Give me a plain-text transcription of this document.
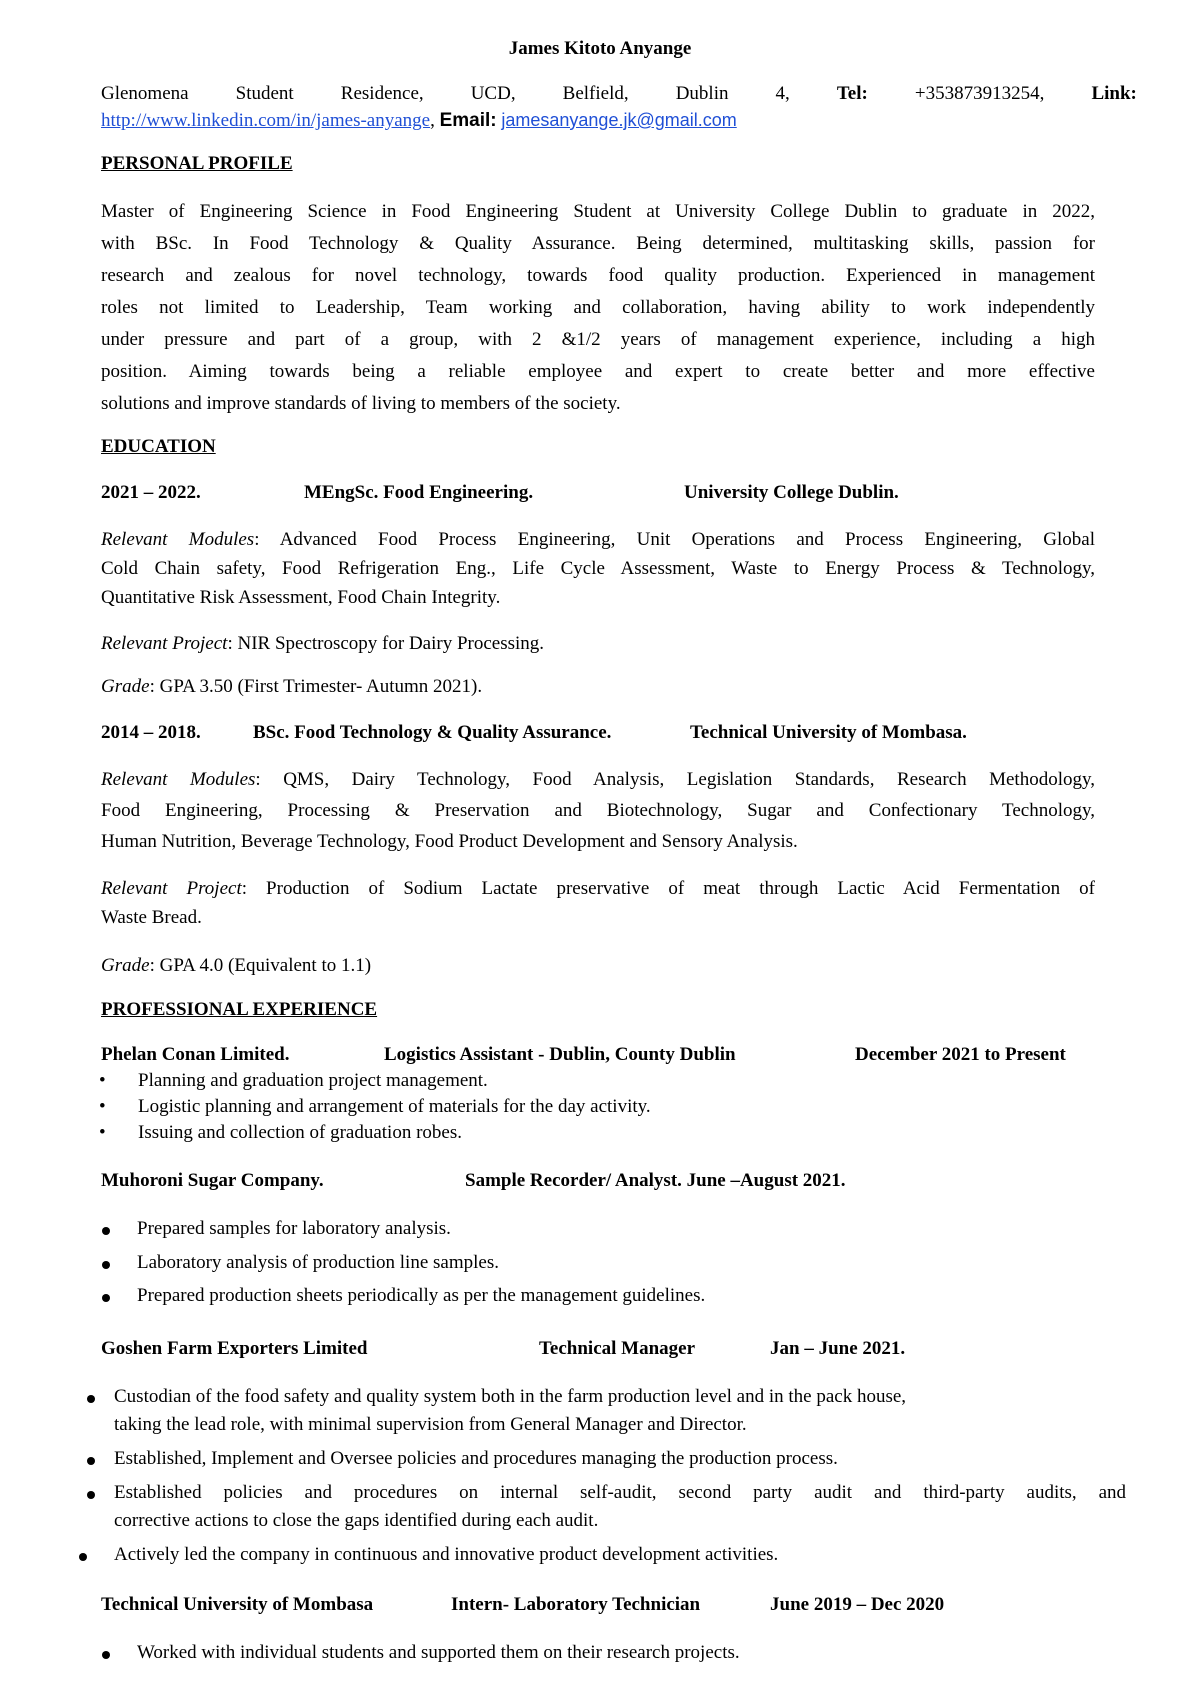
James Kitoto Anyange
Glenomena Student Residence, UCD, Belfield, Dublin 4, Tel: +353873913254, Link:
http://www.linkedin.com/in/james-anyange, Email: jamesanyange.jk@gmail.com
PERSONAL PROFILE
Master of Engineering Science in Food Engineering Student at University College Dublin to graduate in 2022,
with BSc. In Food Technology & Quality Assurance. Being determined, multitasking skills, passion for
research and zealous for novel technology, towards food quality production. Experienced in management
roles not limited to Leadership, Team working and collaboration, having ability to work independently
under pressure and part of a group, with 2 &1/2 years of management experience, including a high
position. Aiming towards being a reliable employee and expert to create better and more effective
solutions and improve standards of living to members of the society.
EDUCATION
2021 – 2022.	MEngSc. Food Engineering.	University College Dublin.
Relevant Modules: Advanced Food Process Engineering, Unit Operations and Process Engineering, Global
Cold Chain safety, Food Refrigeration Eng., Life Cycle Assessment, Waste to Energy Process & Technology,
Quantitative Risk Assessment, Food Chain Integrity.
Relevant Project: NIR Spectroscopy for Dairy Processing.
Grade: GPA 3.50 (First Trimester- Autumn 2021).
2014 – 2018.	BSc. Food Technology & Quality Assurance.	Technical University of Mombasa.
Relevant Modules: QMS, Dairy Technology, Food Analysis, Legislation Standards, Research Methodology,
Food Engineering, Processing & Preservation and Biotechnology, Sugar and Confectionary Technology,
Human Nutrition, Beverage Technology, Food Product Development and Sensory Analysis.
Relevant Project: Production of Sodium Lactate preservative of meat through Lactic Acid Fermentation of
Waste Bread.
Grade: GPA 4.0 (Equivalent to 1.1)
PROFESSIONAL EXPERIENCE
Phelan Conan Limited.	Logistics Assistant - Dublin, County Dublin	December 2021 to Present
• Planning and graduation project management.
• Logistic planning and arrangement of materials for the day activity.
• Issuing and collection of graduation robes.
Muhoroni Sugar Company.	Sample Recorder/ Analyst. June –August 2021.
Prepared samples for laboratory analysis.
Laboratory analysis of production line samples.
Prepared production sheets periodically as per the management guidelines.
Goshen Farm Exporters Limited	Technical Manager	Jan – June 2021.
Custodian of the food safety and quality system both in the farm production level and in the pack house,
taking the lead role, with minimal supervision from General Manager and Director.
Established, Implement and Oversee policies and procedures managing the production process.
Established policies and procedures on internal self-audit, second party audit and third-party audits, and
corrective actions to close the gaps identified during each audit.
Actively led the company in continuous and innovative product development activities.
Technical University of Mombasa	Intern- Laboratory Technician	June 2019 – Dec 2020
Worked with individual students and supported them on their research projects.
